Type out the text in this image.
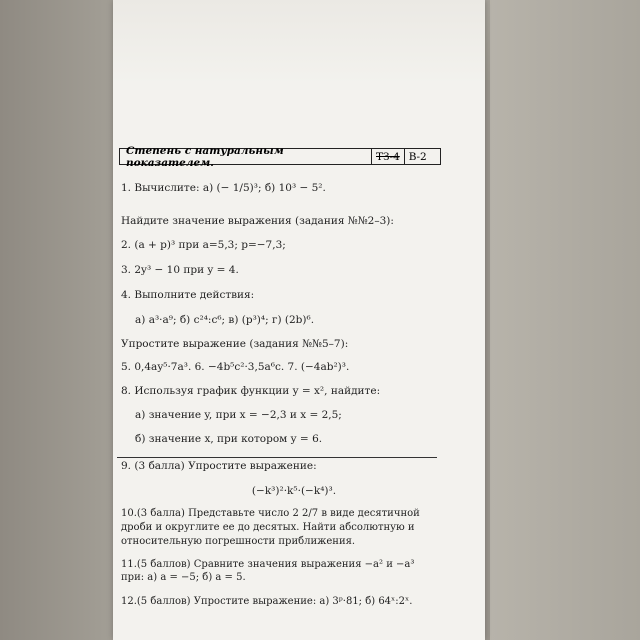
Степень с натуральным показателем.	ТЗ-4 В-2
1. Вычислите: а) (− 1/5)³; б) 10³ − 5².
Найдите значение выражения (задания №№2–3):
2. (a + p)³ при a=5,3; p=−7,3;
3. 2y³ − 10 при y = 4.
4. Выполните действия:
а) a³·a⁹; б) c²⁴:c⁶; в) (p³)⁴; г) (2b)⁶.
Упростите выражение (задания №№5–7):
5. 0,4ay⁵·7a³. 6. −4b⁵c²·3,5a⁶c. 7. (−4ab²)³.
8. Используя график функции y = x², найдите:
а) значение y, при x = −2,3 и x = 2,5;
б) значение x, при котором y = 6.
9. (3 балла) Упростите выражение:
(−k³)²·k⁵·(−k⁴)³.
10.(3 балла) Представьте число 2 2/7 в виде десятичной
дроби и округлите ее до десятых. Найти абсолютную и
относительную погрешности приближения.
11.(5 баллов) Сравните значения выражения −a² и −a³
при: а) a = −5; б) a = 5.
12.(5 баллов) Упростите выражение: а) 3ᵖ·81; б) 64ˣ:2ˣ.
